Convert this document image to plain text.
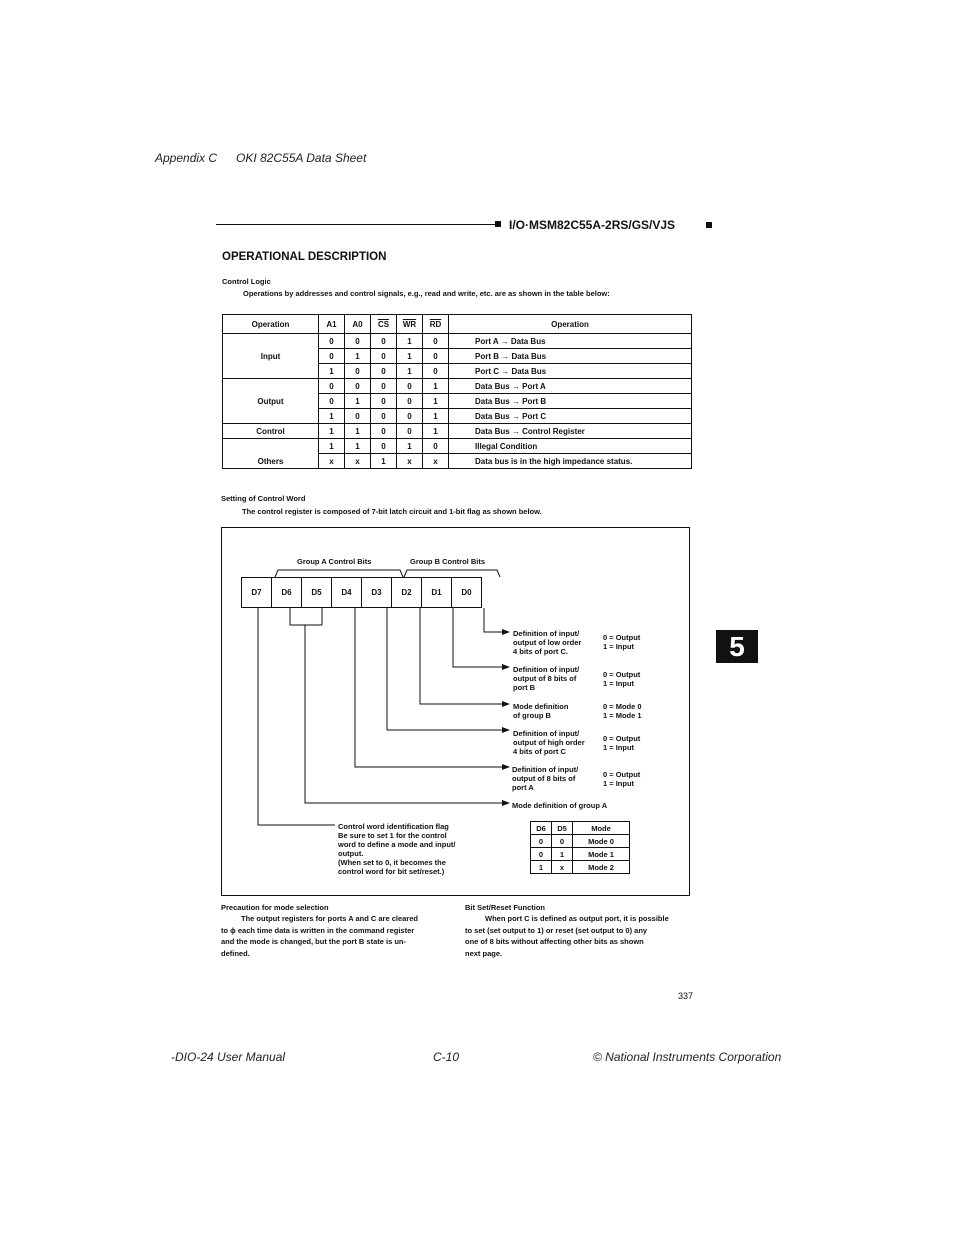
Appendix C OKI 82C55A Data Sheet
I/O·MSM82C55A-2RS/GS/VJS
OPERATIONAL DESCRIPTION
Control Logic
Operations by addresses and control signals, e.g., read and write, etc. are as shown in the table below:
Operation	A1	A0	$\overline{CS}$	$\overline{WR}$	$\overline{RD}$	Operation
Input	0	0	0	1	0	Port A → Data Bus
	0	1	0	1	0	Port B → Data Bus
	1	0	0	1	0	Port C → Data Bus
Output	0	0	0	0	1	Data Bus → Port A
	0	1	0	0	1	Data Bus → Port B
	1	0	0	0	1	Data Bus → Port C
Control	1	1	0	0	1	Data Bus → Control Register
Others	1	1	0	1	0	Illegal Condition
	x	x	1	x	x	Data bus is in the high impedance status.
Setting of Control Word
The control register is composed of 7-bit latch circuit and 1-bit flag as shown below.
Group A Control Bits	Group B Control Bits
D7	D6	D5	D4	D3	D2	D1	D0
Definition of input/
output of low order
4 bits of port C.
0 = Output
1 = Input
Definition of input/
output of 8 bits of
port B
0 = Output
1 = Input
Mode definition
of group B
0 = Mode 0
1 = Mode 1
Definition of input/
output of high order
4 bits of port C
0 = Output
1 = Input
Definition of input/
output of 8 bits of
port A
0 = Output
1 = Input
Mode definition of group A
Control word identification flag
Be sure to set 1 for the control
word to define a mode and input/
output.
(When set to 0, it becomes the
control word for bit set/reset.)
D6	D5	Mode
0	0	Mode 0
0	1	Mode 1
1	x	Mode 2
5
Precaution for mode selection
The output registers for ports A and C are cleared
to ϕ each time data is written in the command register
and the mode is changed, but the port B state is un-
defined.
Bit Set/Reset Function
When port C is defined as output port, it is possible
to set (set output to 1) or reset (set output to 0) any
one of 8 bits without affecting other bits as shown
next page.
337
-DIO-24 User Manual	C-10	© National Instruments Corporation
